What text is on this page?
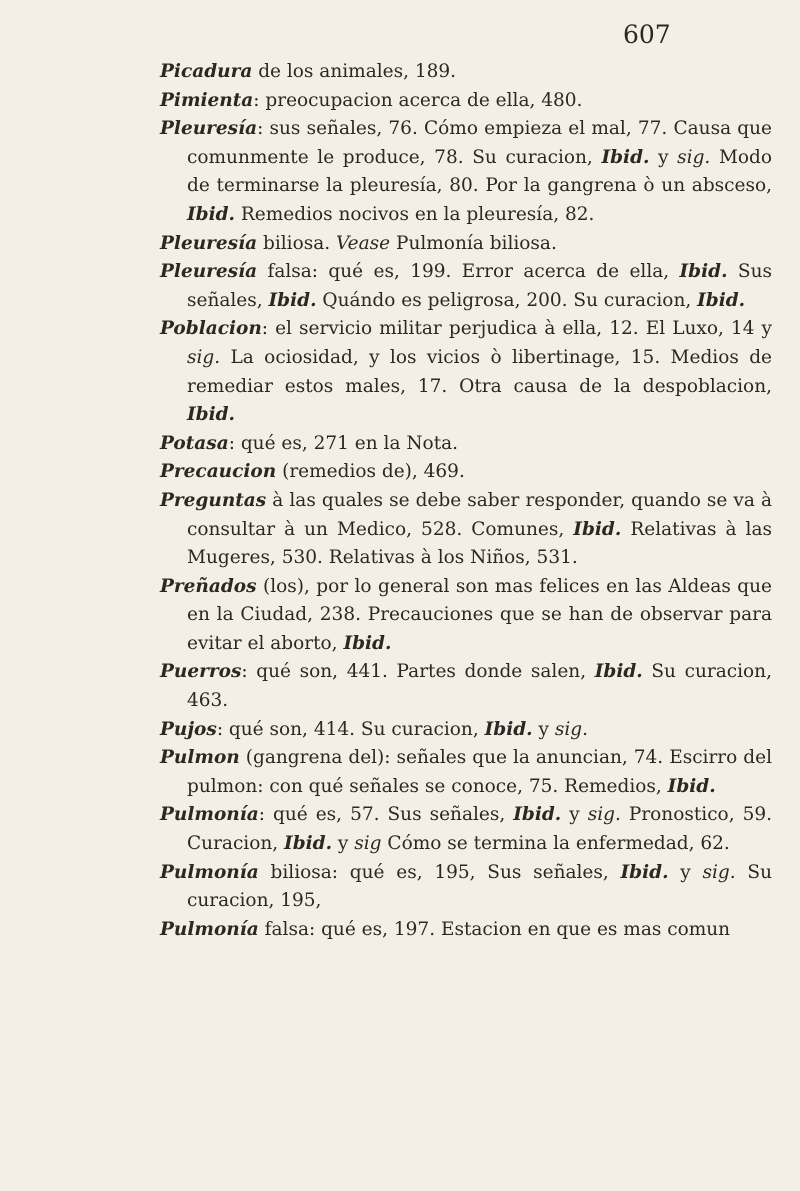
607

Picadura de los animales, 189.

Pimienta: preocupacion acerca de ella, 480.

Pleuresía: sus señales, 76. Cómo empieza el mal, 77. Causa que comunmente le produce, 78. Su curacion, Ibid. y sig. Modo de terminarse la pleuresía, 80. Por la gangrena ò un absceso, Ibid. Remedios nocivos en la pleuresía, 82.

Pleuresía biliosa. Vease Pulmonía biliosa.

Pleuresía falsa: qué es, 199. Error acerca de ella, Ibid. Sus señales, Ibid. Quándo es peligrosa, 200. Su curacion, Ibid.

Poblacion: el servicio militar perjudica à ella, 12. El Luxo, 14 y sig. La ociosidad, y los vicios ò libertinage, 15. Medios de remediar estos males, 17. Otra causa de la despoblacion, Ibid.

Potasa: qué es, 271 en la Nota.

Precaucion (remedios de), 469.

Preguntas à las quales se debe saber responder, quando se va à consultar à un Medico, 528. Comunes, Ibid. Relativas à las Mugeres, 530. Relativas à los Niños, 531.

Preñados (los), por lo general son mas felices en las Aldeas que en la Ciudad, 238. Precauciones que se han de observar para evitar el aborto, Ibid.

Puerros: qué son, 441. Partes donde salen, Ibid. Su curacion, 463.

Pujos: qué son, 414. Su curacion, Ibid. y sig.

Pulmon (gangrena del): señales que la anuncian, 74. Escirro del pulmon: con qué señales se conoce, 75. Remedios, Ibid.

Pulmonía: qué es, 57. Sus señales, Ibid. y sig. Pronostico, 59. Curacion, Ibid. y sig Cómo se termina la enfermedad, 62.

Pulmonía biliosa: qué es, 195, Sus señales, Ibid. y sig. Su curacion, 195,

Pulmonía falsa: qué es, 197. Estacion en que es mas comun
